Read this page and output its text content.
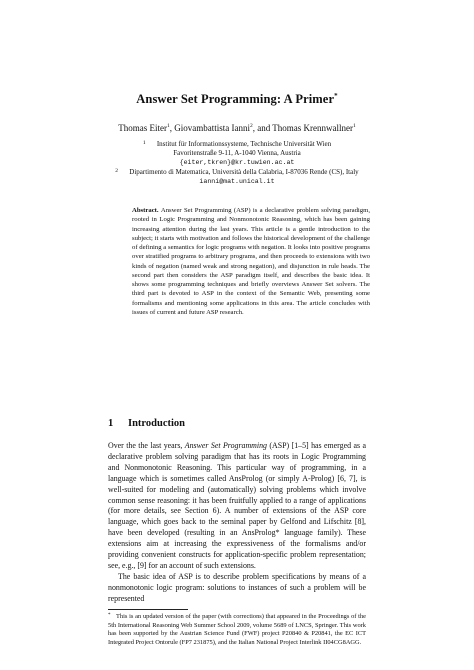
Answer Set Programming: A Primer*
Thomas Eiter$^1$, Giovambattista Ianni$^2$, and Thomas Krennwallner$^1$
1 Institut für Informationssysteme, Technische Universität Wien
Favoritenstraße 9-11, A-1040 Vienna, Austria
{eiter,tkren}@kr.tuwien.ac.at
2 Dipartimento di Matematica, Università della Calabria, I-87036 Rende (CS), Italy
ianni@mat.unical.it
Abstract. Answer Set Programming (ASP) is a declarative problem solving paradigm, rooted in Logic Programming and Nonmonotonic Reasoning, which has been gaining increasing attention during the last years. This article is a gentle introduction to the subject; it starts with motivation and follows the historical development of the challenge of defining a semantics for logic programs with negation. It looks into positive programs over stratified programs to arbitrary programs, and then proceeds to extensions with two kinds of negation (named weak and strong negation), and disjunction in rule heads. The second part then considers the ASP paradigm itself, and describes the basic idea. It shows some programming techniques and briefly overviews Answer Set solvers. The third part is devoted to ASP in the context of the Semantic Web, presenting some formalisms and mentioning some applications in this area. The article concludes with issues of current and future ASP research.
1 Introduction

Over the the last years, Answer Set Programming (ASP) [1–5] has emerged as a declarative problem solving paradigm that has its roots in Logic Programming and Nonmonotonic Reasoning. This particular way of programming, in a language which is sometimes called AnsProlog (or simply A-Prolog) [6, 7], is well-suited for modeling and (automatically) solving problems which involve common sense reasoning: it has been fruitfully applied to a range of applications (for more details, see Section 6). A number of extensions of the ASP core language, which goes back to the seminal paper by Gelfond and Lifschitz [8], have been developed (resulting in an AnsProlog* language family). These extensions aim at increasing the expressiveness of the formalisms and/or providing convenient constructs for application-specific problem representation; see, e.g., [9] for an account of such extensions.

The basic idea of ASP is to describe problem specifications by means of a nonmonotonic logic program: solutions to instances of such a problem will be represented

* This is an updated version of the paper (with corrections) that appeared in the Proceedings of the 5th International Reasoning Web Summer School 2009, volume 5689 of LNCS, Springer. This work has been supported by the Austrian Science Fund (FWF) project P20840 & P20841, the EC ICT Integrated Project Ontorule (FP7 231875), and the Italian National Project Interlink II04CG8AGG.
